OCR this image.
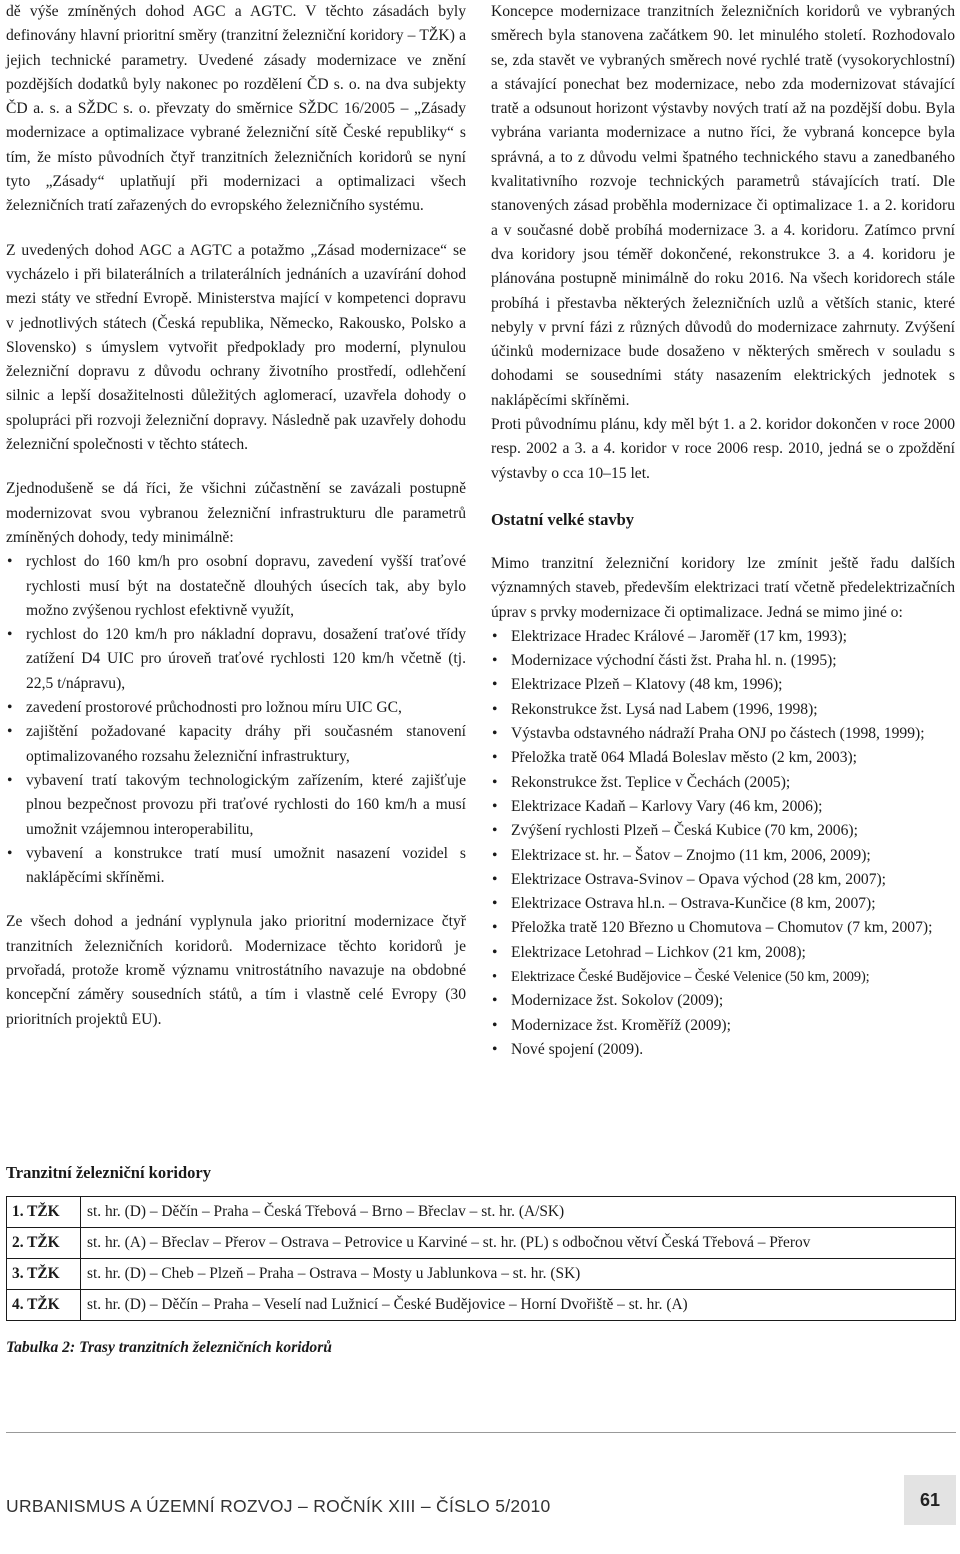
dě výše zmíněných dohod AGC a AGTC. V těchto zásadách byly definovány hlavní prioritní směry (tranzitní železniční koridory – TŽK) a jejich technické parametry. Uvedené zásady modernizace ve znění pozdějších dodatků byly nakonec po rozdělení ČD s. o. na dva subjekty ČD a. s. a SŽDC s. o. převzaty do směrnice SŽDC 16/2005 – „Zásady modernizace a optimalizace vybrané železniční sítě České republiky“ s tím, že místo původních čtyř tranzitních železničních koridorů se nyní tyto „Zásady“ uplatňují při modernizaci a optimalizaci všech železničních tratí zařazených do evropského železničního systému.

Z uvedených dohod AGC a AGTC a potažmo „Zásad modernizace“ se vycházelo i při bilaterálních a trilaterálních jednáních a uzavírání dohod mezi státy ve střední Evropě. Ministerstva mající v kompetenci dopravu v jednotlivých státech (Česká republika, Německo, Rakousko, Polsko a Slovensko) s úmyslem vytvořit předpoklady pro moderní, plynulou železniční dopravu z důvodu ochrany životního prostředí, odlehčení silnic a lepší dosažitelnosti důležitých aglomerací, uzavřela dohody o spolupráci při rozvoji železniční dopravy. Následně pak uzavřely dohodu železniční společnosti v těchto státech.

Zjednodušeně se dá říci, že všichni zúčastnění se zavázali postupně modernizovat svou vybranou železniční infrastrukturu dle parametrů zmíněných dohody, tedy minimálně:

• rychlost do 160 km/h pro osobní dopravu, zavedení vyšší traťové rychlosti musí být na dostatečně dlouhých úsecích tak, aby bylo možno zvýšenou rychlost efektivně využít,
• rychlost do 120 km/h pro nákladní dopravu, dosažení traťové třídy zatížení D4 UIC pro úroveň traťové rychlosti 120 km/h včetně (tj. 22,5 t/nápravu),
• zavedení prostorové průchodnosti pro ložnou míru UIC GC,
• zajištění požadované kapacity dráhy při současném stanovení optimalizovaného rozsahu železniční infrastruktury,
• vybavení tratí takovým technologickým zařízením, které zajišťuje plnou bezpečnost provozu při traťové rychlosti do 160 km/h a musí umožnit vzájemnou interoperabilitu,
• vybavení a konstrukce tratí musí umožnit nasazení vozidel s naklápěcími skříněmi.

Ze všech dohod a jednání vyplynula jako prioritní modernizace čtyř tranzitních železničních koridorů. Modernizace těchto koridorů je prvořadá, protože kromě významu vnitrostátního navazuje na obdobné koncepční záměry sousedních států, a tím i vlastně celé Evropy (30 prioritních projektů EU).

Koncepce modernizace tranzitních železničních koridorů ve vybraných směrech byla stanovena začátkem 90. let minulého století. Rozhodovalo se, zda stavět ve vybraných směrech nové rychlé tratě (vysokorychlostní) a stávající ponechat bez modernizace, nebo zda modernizovat stávající tratě a odsunout horizont výstavby nových tratí až na pozdější dobu. Byla vybrána varianta modernizace a nutno říci, že vybraná koncepce byla správná, a to z důvodu velmi špatného technického stavu a zanedbaného kvalitativního rozvoje technických parametrů stávajících tratí. Dle stanovených zásad proběhla modernizace či optimalizace 1. a 2. koridoru a v současné době probíhá modernizace 3. a 4. koridoru. Zatímco první dva koridory jsou téměř dokončené, rekonstrukce 3. a 4. koridoru je plánována postupně minimálně do roku 2016. Na všech koridorech stále probíhá i přestavba některých železničních uzlů a větších stanic, které nebyly v první fázi z různých důvodů do modernizace zahrnuty. Zvýšení účinků modernizace bude dosaženo v některých směrech v souladu s dohodami se sousedními státy nasazením elektrických jednotek s naklápěcími skříněmi.

Proti původnímu plánu, kdy měl být 1. a 2. koridor dokončen v roce 2000 resp. 2002 a 3. a 4. koridor v roce 2006 resp. 2010, jedná se o zpoždění výstavby o cca 10–15 let.

Ostatní velké stavby

Mimo tranzitní železniční koridory lze zmínit ještě řadu dalších významných staveb, především elektrizaci tratí včetně předelektrizačních úprav s prvky modernizace či optimalizace. Jedná se mimo jiné o:

• Elektrizace Hradec Králové – Jaroměř (17 km, 1993);
• Modernizace východní části žst. Praha hl. n. (1995);
• Elektrizace Plzeň – Klatovy (48 km, 1996);
• Rekonstrukce žst. Lysá nad Labem (1996, 1998);
• Výstavba odstavného nádraží Praha ONJ po částech (1998, 1999);
• Přeložka tratě 064 Mladá Boleslav město (2 km, 2003);
• Rekonstrukce žst. Teplice v Čechách (2005);
• Elektrizace Kadaň – Karlovy Vary (46 km, 2006);
• Zvýšení rychlosti Plzeň – Česká Kubice (70 km, 2006);
• Elektrizace st. hr. – Šatov – Znojmo (11 km, 2006, 2009);
• Elektrizace Ostrava-Svinov – Opava východ (28 km, 2007);
• Elektrizace Ostrava hl.n. – Ostrava-Kunčice (8 km, 2007);
• Přeložka tratě 120 Březno u Chomutova – Chomutov (7 km, 2007);
• Elektrizace Letohrad – Lichkov (21 km, 2008);
• Elektrizace České Budějovice – České Velenice (50 km, 2009);
• Modernizace žst. Sokolov (2009);
• Modernizace žst. Kroměříž (2009);
• Nové spojení (2009).
Tranzitní železniční koridory
1. TŽK	st. hr. (D) – Děčín – Praha – Česká Třebová – Brno – Břeclav – st. hr. (A/SK)
2. TŽK	st. hr. (A) – Břeclav – Přerov – Ostrava – Petrovice u Karviné – st. hr. (PL) s odbočnou větví Česká Třebová – Přerov
3. TŽK	st. hr. (D) – Cheb – Plzeň – Praha – Ostrava – Mosty u Jablunkova – st. hr. (SK)
4. TŽK	st. hr. (D) – Děčín – Praha – Veselí nad Lužnicí – České Budějovice – Horní Dvořiště – st. hr. (A)
Tabulka 2: Trasy tranzitních železničních koridorů
URBANISMUS A ÚZEMNÍ ROZVOJ – ROČNÍK XIII – ČÍSLO 5/2010	61
